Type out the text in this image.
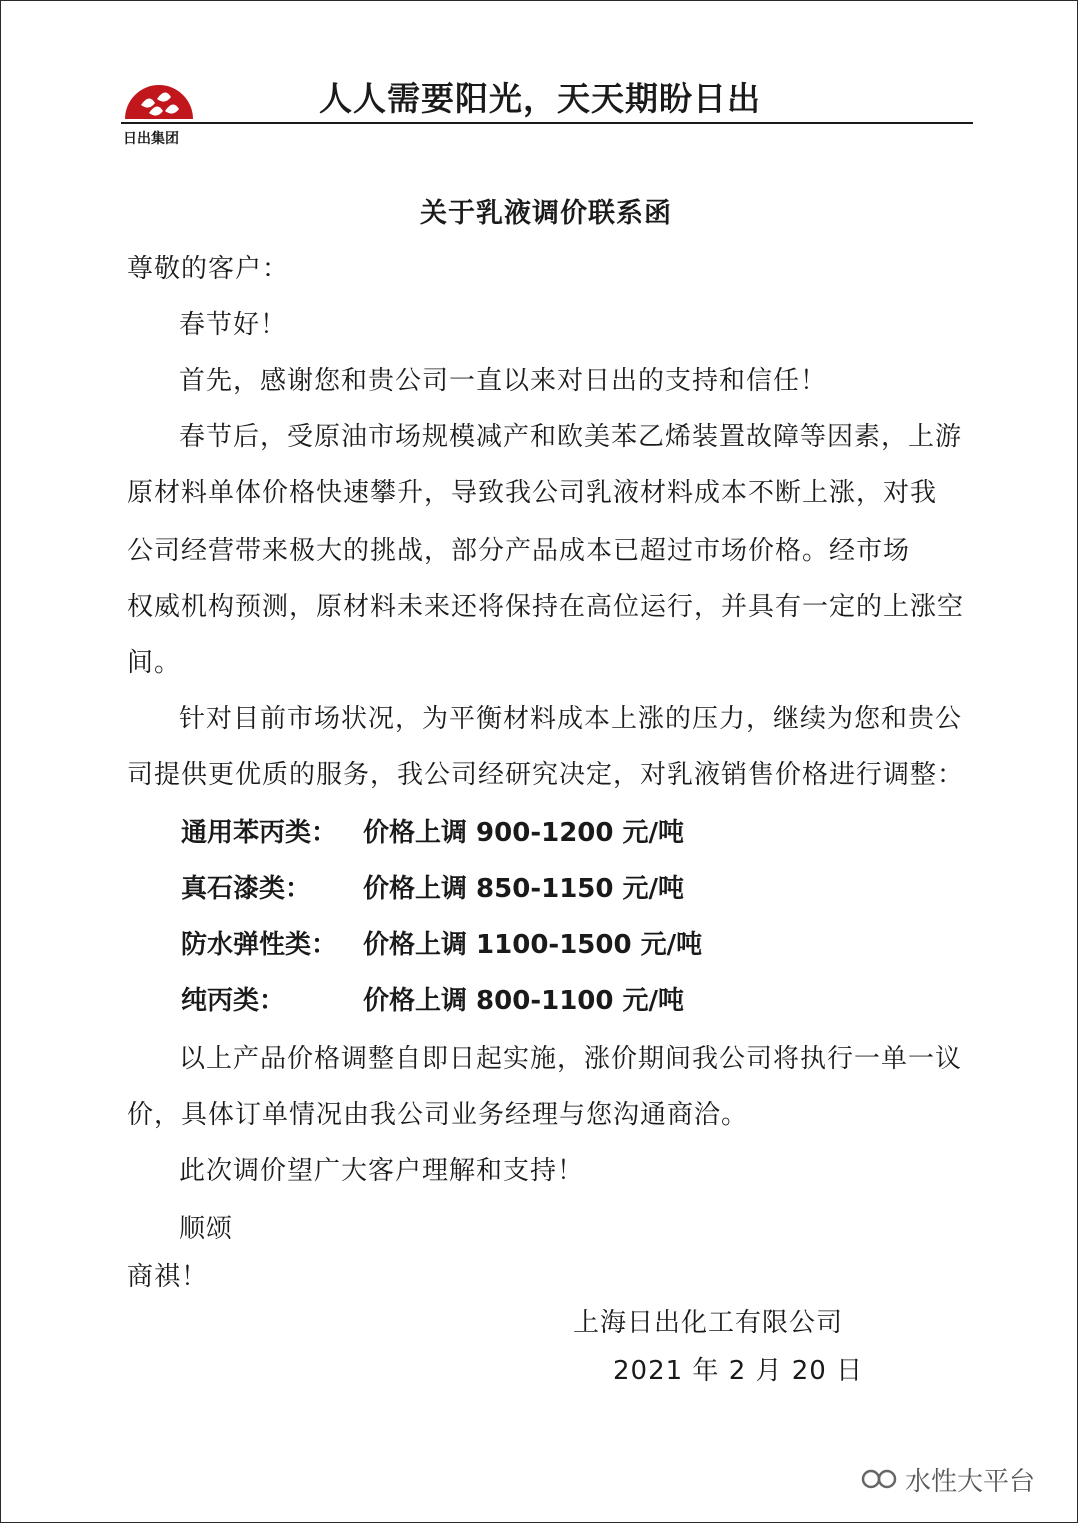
日出集团
人人需要阳光，天天期盼日出
关于乳液调价联系函
尊敬的客户：
春节好！
首先，感谢您和贵公司一直以来对日出的支持和信任！
春节后，受原油市场规模减产和欧美苯乙烯装置故障等因素，上游
原材料单体价格快速攀升，导致我公司乳液材料成本不断上涨，对我
公司经营带来极大的挑战，部分产品成本已超过市场价格。经市场
权威机构预测，原材料未来还将保持在高位运行，并具有一定的上涨空
间。
针对目前市场状况，为平衡材料成本上涨的压力，继续为您和贵公
司提供更优质的服务，我公司经研究决定，对乳液销售价格进行调整：
通用苯丙类： 价格上调 900-1200 元/吨
真石漆类： 价格上调 850-1150 元/吨
防水弹性类： 价格上调 1100-1500 元/吨
纯丙类：	价格上调 800-1100 元/吨
以上产品价格调整自即日起实施，涨价期间我公司将执行一单一议
价，具体订单情况由我公司业务经理与您沟通商洽。
此次调价望广大客户理解和支持！
顺颂
商祺！
上海日出化工有限公司
2021 年 2 月 20 日
水性大平台
